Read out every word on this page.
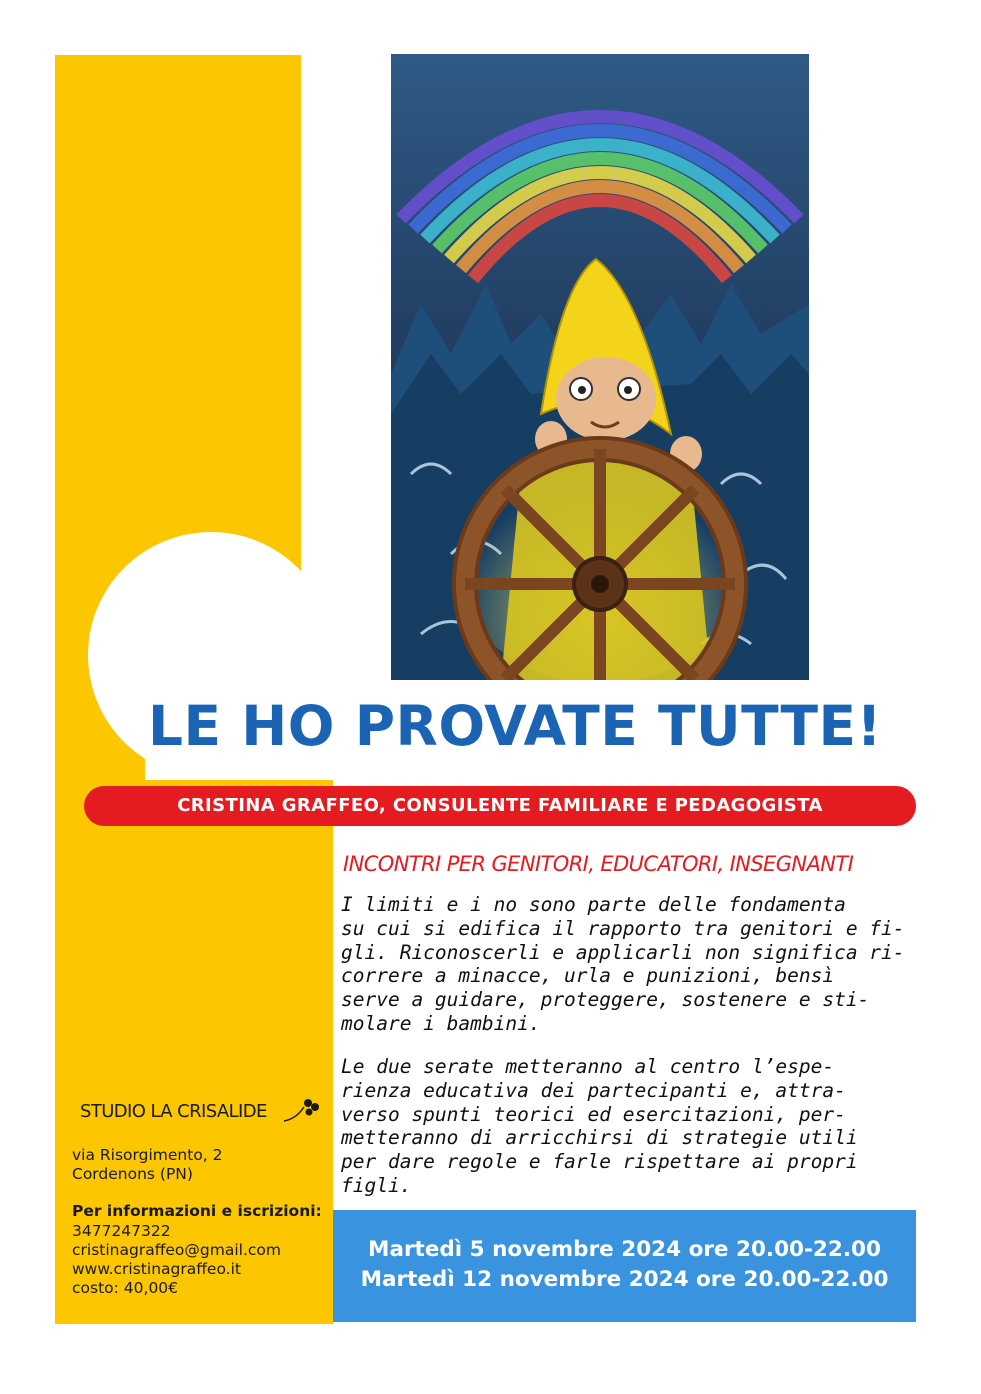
LE HO PROVATE TUTTE!
CRISTINA GRAFFEO, CONSULENTE FAMILIARE E PEDAGOGISTA
INCONTRI PER GENITORI, EDUCATORI, INSEGNANTI

I limiti e i no sono parte delle fondamenta
su cui si edifica il rapporto tra genitori e fi-
gli. Riconoscerli e applicarli non significa ri-
correre a minacce, urla e punizioni, bensì
serve a guidare, proteggere, sostenere e sti-
molare i bambini.

Le due serate metteranno al centro l’espe-
rienza educativa dei partecipanti e, attra-
verso spunti teorici ed esercitazioni, per-
metteranno di arricchirsi di strategie utili
per dare regole e farle rispettare ai propri
figli.

STUDIO LA CRISALIDE
via Risorgimento, 2
Cordenons (PN)
Per informazioni e iscrizioni:
3477247322
cristinagraffeo@gmail.com
www.cristinagraffeo.it
costo: 40,00€
Martedì 5 novembre 2024 ore 20.00-22.00
Martedì 12 novembre 2024 ore 20.00-22.00
